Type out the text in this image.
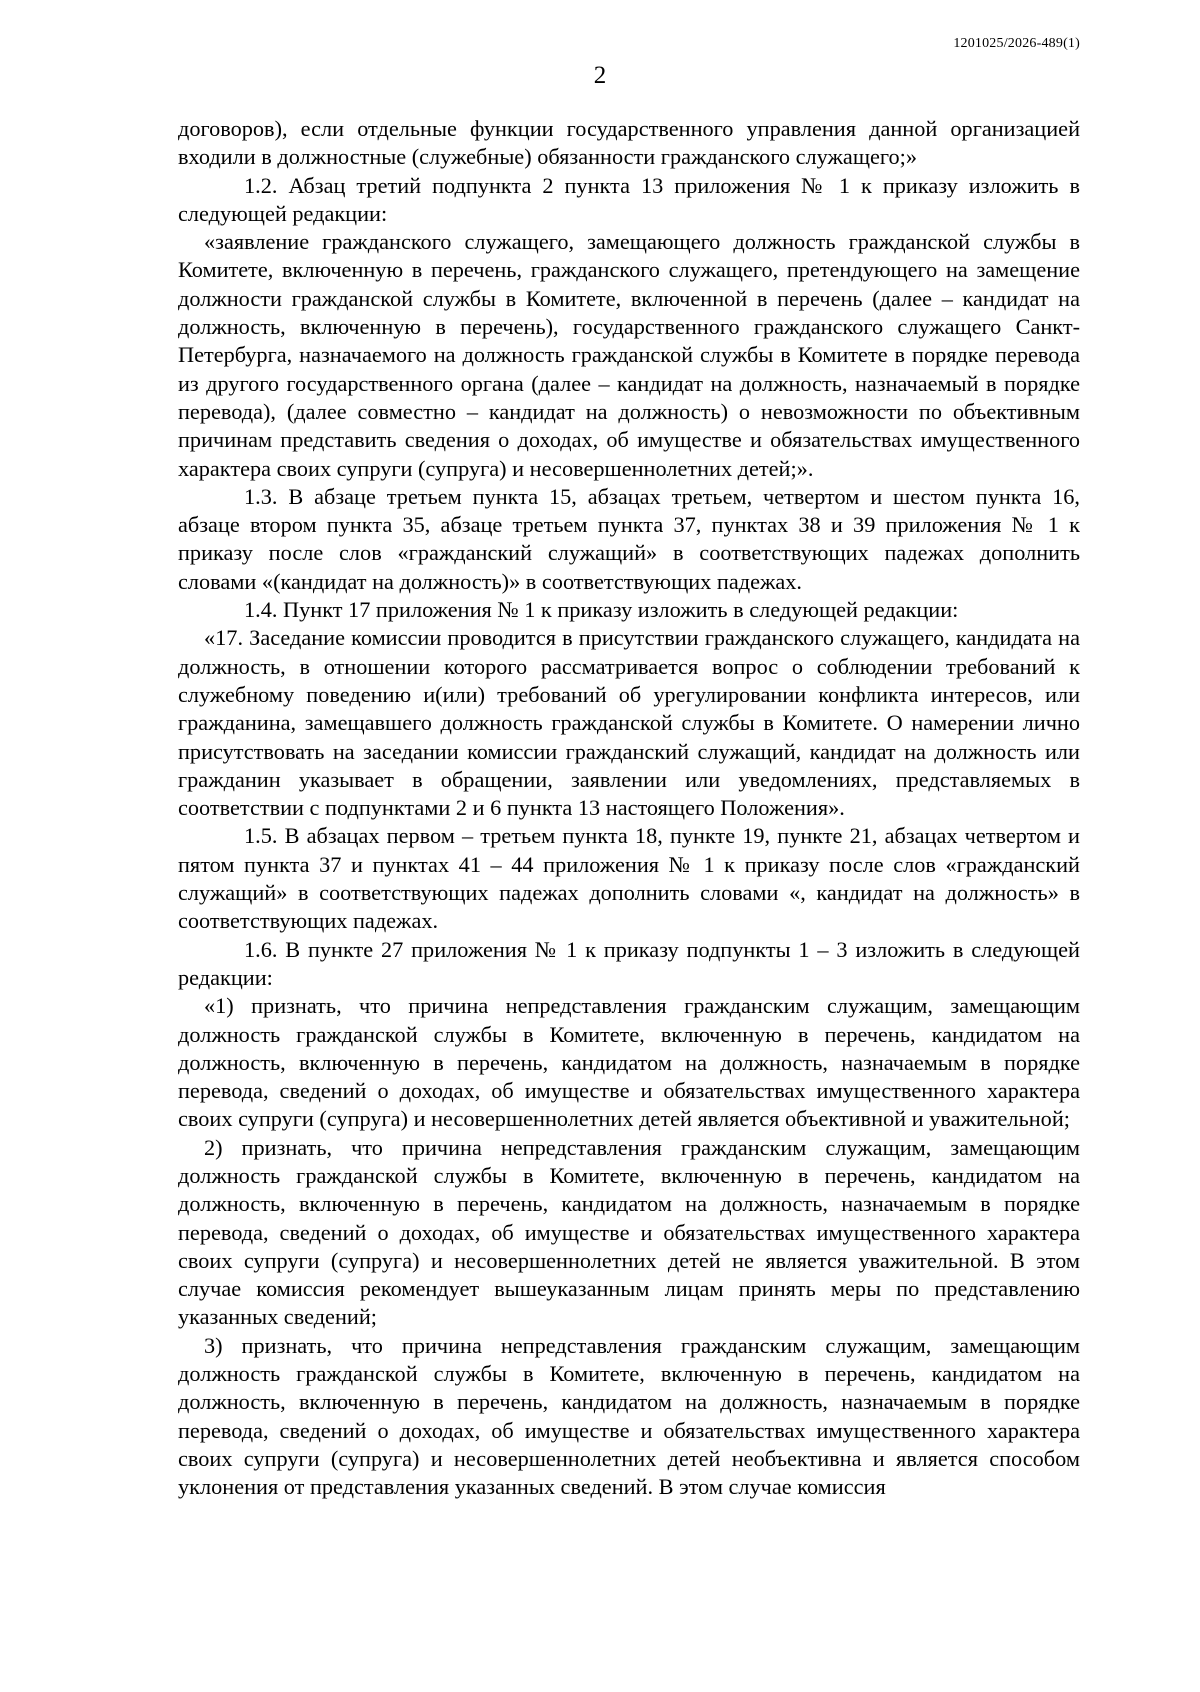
1201025/2026-489(1)
2

договоров), если отдельные функции государственного управления данной организацией входили в должностные (служебные) обязанности гражданского служащего;»

1.2. Абзац третий подпункта 2 пункта 13 приложения № 1 к приказу изложить в следующей редакции:

«заявление гражданского служащего, замещающего должность гражданской службы в Комитете, включенную в перечень, гражданского служащего, претендующего на замещение должности гражданской службы в Комитете, включенной в перечень (далее – кандидат на должность, включенную в перечень), государственного гражданского служащего Санкт-Петербурга, назначаемого на должность гражданской службы в Комитете в порядке перевода из другого государственного органа (далее – кандидат на должность, назначаемый в порядке перевода), (далее совместно – кандидат на должность) о невозможности по объективным причинам представить сведения о доходах, об имуществе и обязательствах имущественного характера своих супруги (супруга) и несовершеннолетних детей;».

1.3. В абзаце третьем пункта 15, абзацах третьем, четвертом и шестом пункта 16, абзаце втором пункта 35, абзаце третьем пункта 37, пунктах 38 и 39 приложения № 1 к приказу после слов «гражданский служащий» в соответствующих падежах дополнить словами «(кандидат на должность)» в соответствующих падежах.

1.4. Пункт 17 приложения № 1 к приказу изложить в следующей редакции:

«17. Заседание комиссии проводится в присутствии гражданского служащего, кандидата на должность, в отношении которого рассматривается вопрос о соблюдении требований к служебному поведению и(или) требований об урегулировании конфликта интересов, или гражданина, замещавшего должность гражданской службы в Комитете. О намерении лично присутствовать на заседании комиссии гражданский служащий, кандидат на должность или гражданин указывает в обращении, заявлении или уведомлениях, представляемых в соответствии с подпунктами 2 и 6 пункта 13 настоящего Положения».

1.5. В абзацах первом – третьем пункта 18, пункте 19, пункте 21, абзацах четвертом и пятом пункта 37 и пунктах 41 – 44 приложения № 1 к приказу после слов «гражданский служащий» в соответствующих падежах дополнить словами «, кандидат на должность» в соответствующих падежах.

1.6. В пункте 27 приложения № 1 к приказу подпункты 1 – 3 изложить в следующей редакции:

«1) признать, что причина непредставления гражданским служащим, замещающим должность гражданской службы в Комитете, включенную в перечень, кандидатом на должность, включенную в перечень, кандидатом на должность, назначаемым в порядке перевода, сведений о доходах, об имуществе и обязательствах имущественного характера своих супруги (супруга) и несовершеннолетних детей является объективной и уважительной;

2) признать, что причина непредставления гражданским служащим, замещающим должность гражданской службы в Комитете, включенную в перечень, кандидатом на должность, включенную в перечень, кандидатом на должность, назначаемым в порядке перевода, сведений о доходах, об имуществе и обязательствах имущественного характера своих супруги (супруга) и несовершеннолетних детей не является уважительной. В этом случае комиссия рекомендует вышеуказанным лицам принять меры по представлению указанных сведений;

3) признать, что причина непредставления гражданским служащим, замещающим должность гражданской службы в Комитете, включенную в перечень, кандидатом на должность, включенную в перечень, кандидатом на должность, назначаемым в порядке перевода, сведений о доходах, об имуществе и обязательствах имущественного характера своих супруги (супруга) и несовершеннолетних детей необъективна и является способом уклонения от представления указанных сведений. В этом случае комиссия
